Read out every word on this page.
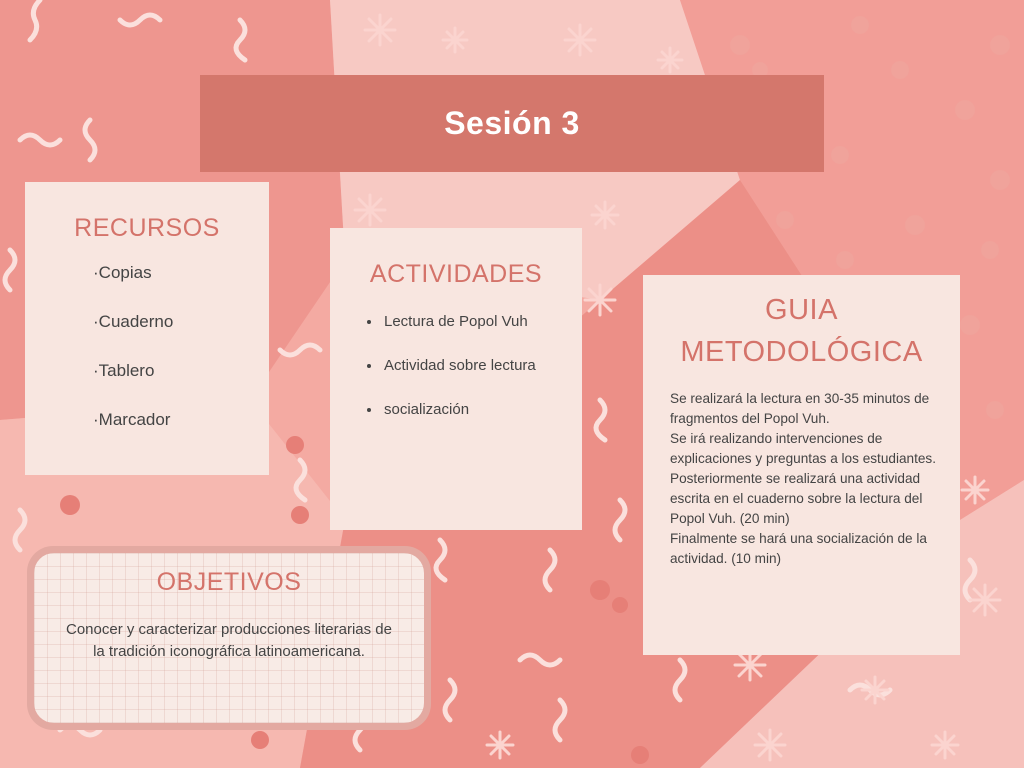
Sesión 3
RECURSOS
·Copias
·Cuaderno
·Tablero
·Marcador
ACTIVIDADES
• Lectura de Popol Vuh
• Actividad sobre lectura
• socialización
GUIA METODOLÓGICA

Se realizará la lectura en 30-35 minutos de fragmentos del Popol Vuh.

Se irá realizando intervenciones de explicaciones y preguntas a los estudiantes.

Posteriormente se realizará una actividad escrita en el cuaderno sobre la lectura del Popol Vuh. (20 min)

Finalmente se hará una socialización de la actividad. (10 min)

OBJETIVOS
Conocer y caracterizar producciones literarias de la tradición iconográfica latinoamericana.
